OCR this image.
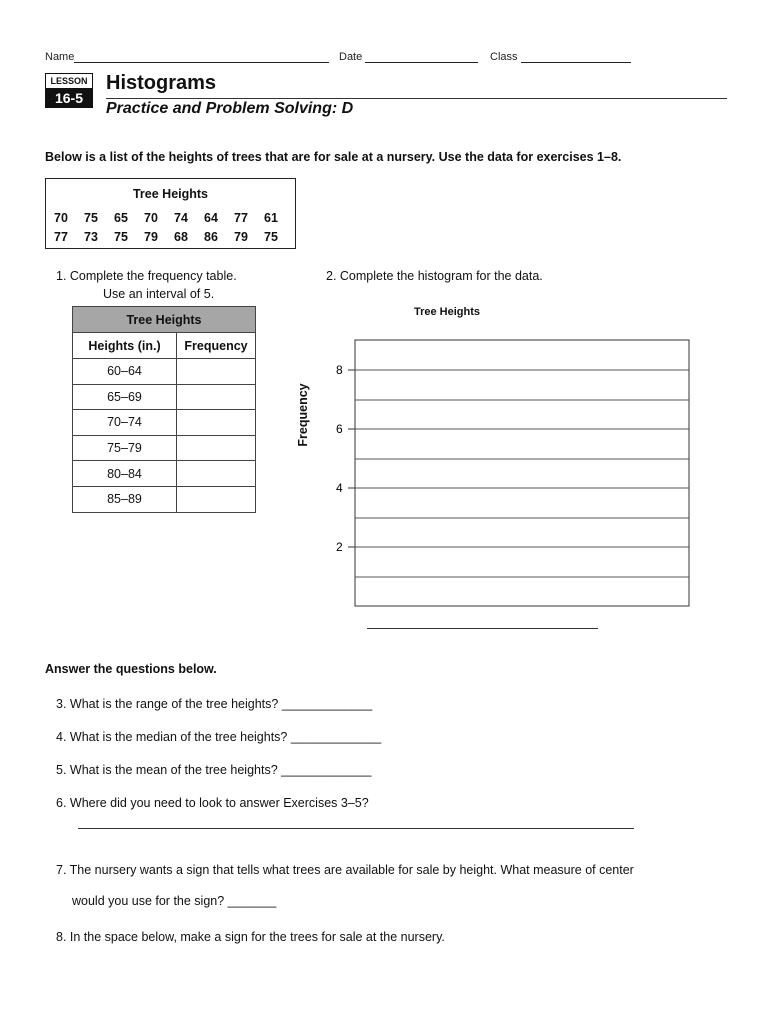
Name	Date	Class
LESSON
16-5
Histograms
Practice and Problem Solving: D
Below is a list of the heights of trees that are for sale at a nursery. Use the data for exercises 1–8.
Tree Heights
70	75	65	70	74	64	77	61
77	73	75	79	68	86	79	75
1. Complete the frequency table.
Use an interval of 5.
2. Complete the histogram for the data.
Tree Heights	
Heights (in.)	Frequency
60–64	
65–69	
70–74	
75–79	
80–84	
85–89	
Tree Heights
Frequency
8
6
4
2
Answer the questions below.
3. What is the range of the tree heights? _____________
4. What is the median of the tree heights? _____________
5. What is the mean of the tree heights? _____________
6. Where did you need to look to answer Exercises 3–5?
7. The nursery wants a sign that tells what trees are available for sale by height. What measure of center
would you use for the sign? _______
8. In the space below, make a sign for the trees for sale at the nursery.
